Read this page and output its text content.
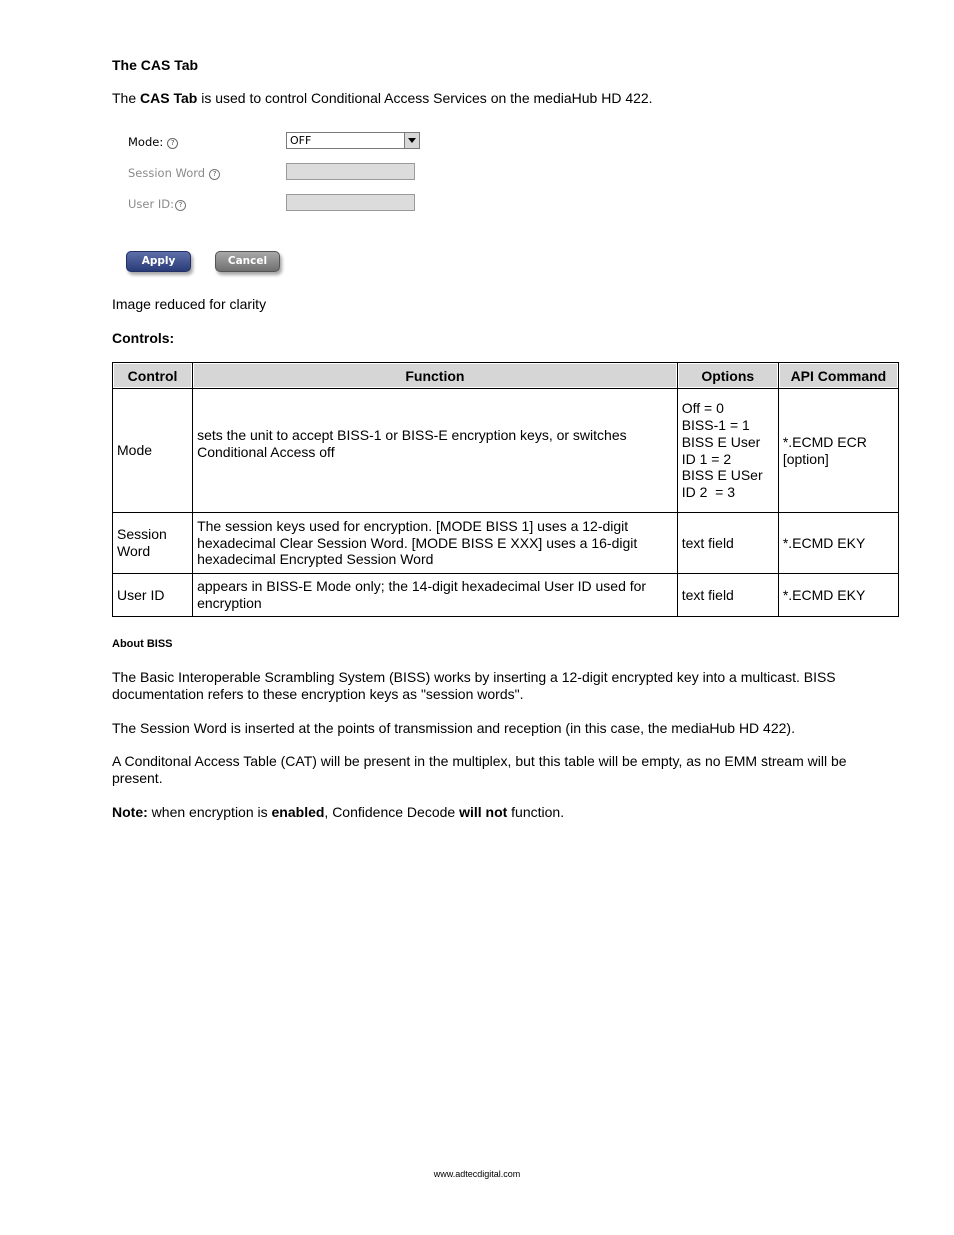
The CAS Tab
The CAS Tab is used to control Conditional Access Services on the mediaHub HD 422.
Mode: ?	OFF
Session Word ?
User ID: ?
Apply	Cancel
Image reduced for clarity
Controls:
Control	Function	Options	API Command
Mode	sets the unit to accept BISS-1 or BISS-E encryption keys, or switches Conditional Access off	Off = 0
BISS-1 = 1
BISS E User ID 1 = 2
BISS E USer ID 2  = 3	*.ECMD ECR [option]
Session Word	The session keys used for encryption. [MODE BISS 1] uses a 12-digit hexadecimal Clear Session Word. [MODE BISS E XXX] uses a 16-digit hexadecimal Encrypted Session Word	text field	*.ECMD EKY
User ID	appears in BISS-E Mode only; the 14-digit hexadecimal User ID used for encryption	text field	*.ECMD EKY
About BISS
The Basic Interoperable Scrambling System (BISS) works by inserting a 12-digit encrypted key into a multicast. BISS documentation refers to these encryption keys as "session words".
The Session Word is inserted at the points of transmission and reception (in this case, the mediaHub HD 422).
A Conditonal Access Table (CAT) will be present in the multiplex, but this table will be empty, as no EMM stream will be present.
Note: when encryption is enabled, Confidence Decode will not function.
www.adtecdigital.com
